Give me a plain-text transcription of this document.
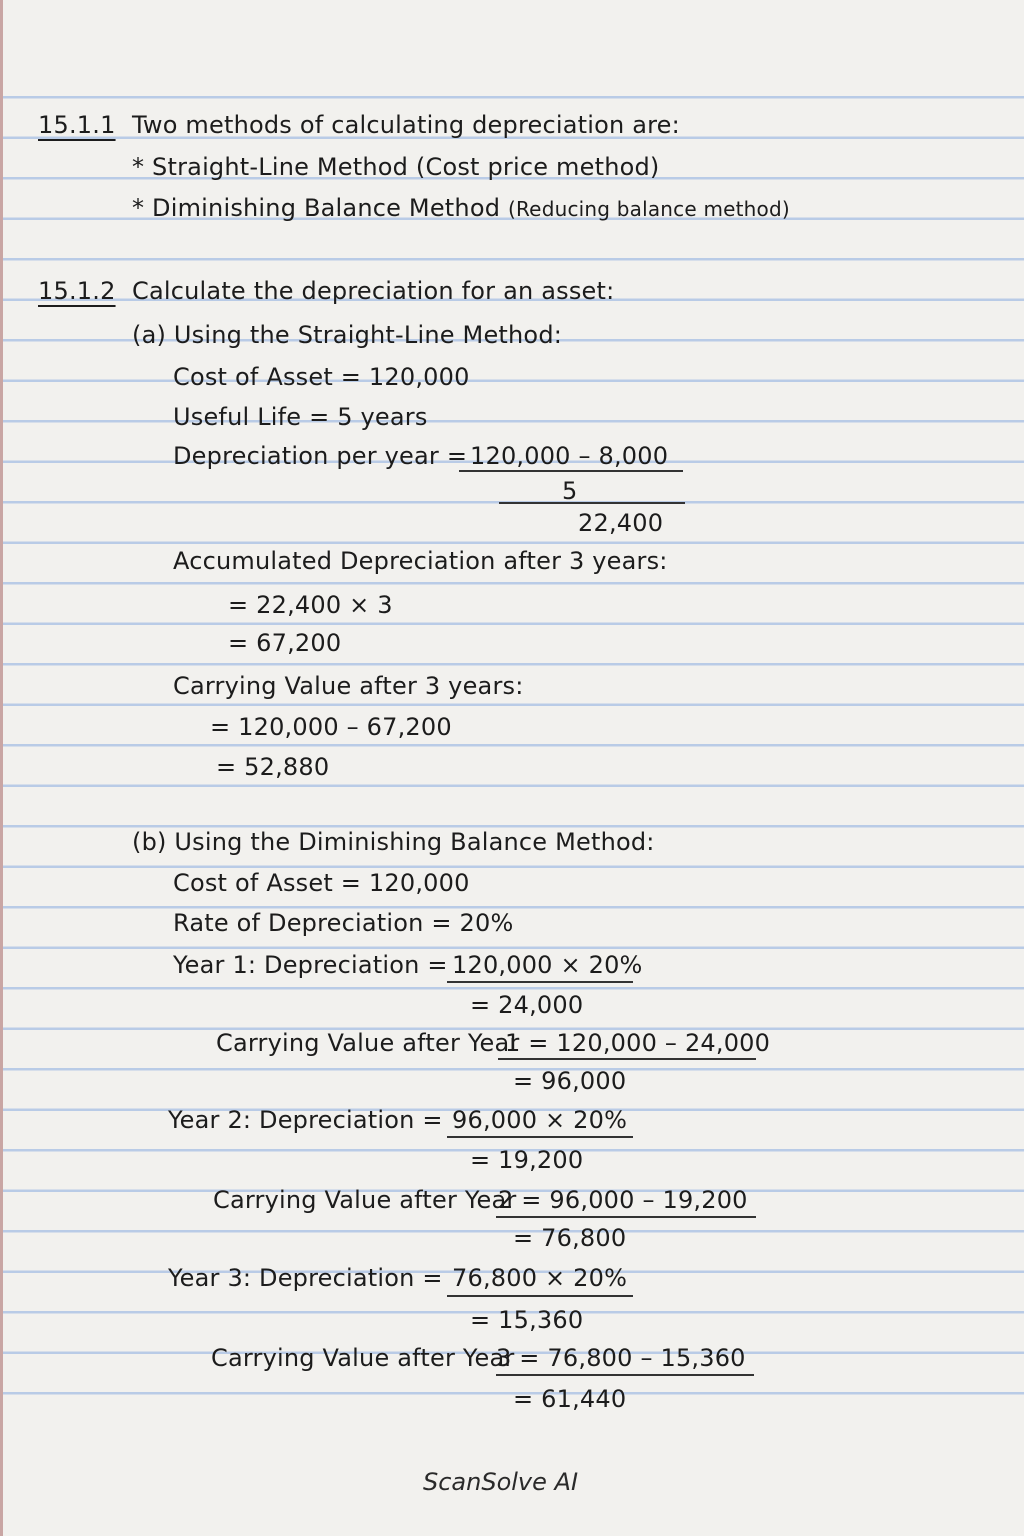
15.1.1 Two methods of calculating depreciation are:
* Straight-Line Method (Cost price method)
* Diminishing Balance Method (Reducing balance method)
15.1.2 Calculate the depreciation for an asset:
(a) Using the Straight-Line Method:
Cost of Asset = 120,000
Useful Life = 5 years
Depreciation per year = 120,000 – 8,000
5
22,400
Accumulated Depreciation after 3 years:
= 22,400 × 3
= 67,200
Carrying Value after 3 years:
= 120,000 – 67,200
= 52,880
(b) Using the Diminishing Balance Method:
Cost of Asset = 120,000
Rate of Depreciation = 20%
Year 1: Depreciation = 120,000 × 20%
= 24,000
Carrying Value after Year
1 = 120,000 – 24,000
= 96,000
Year 2: Depreciation = 96,000 × 20%
= 19,200
Carrying Value after Year
2 = 96,000 – 19,200
= 76,800
Year 3: Depreciation = 76,800 × 20%
= 15,360
Carrying Value after Year
3 = 76,800 – 15,360
= 61,440
ScanSolve AI
